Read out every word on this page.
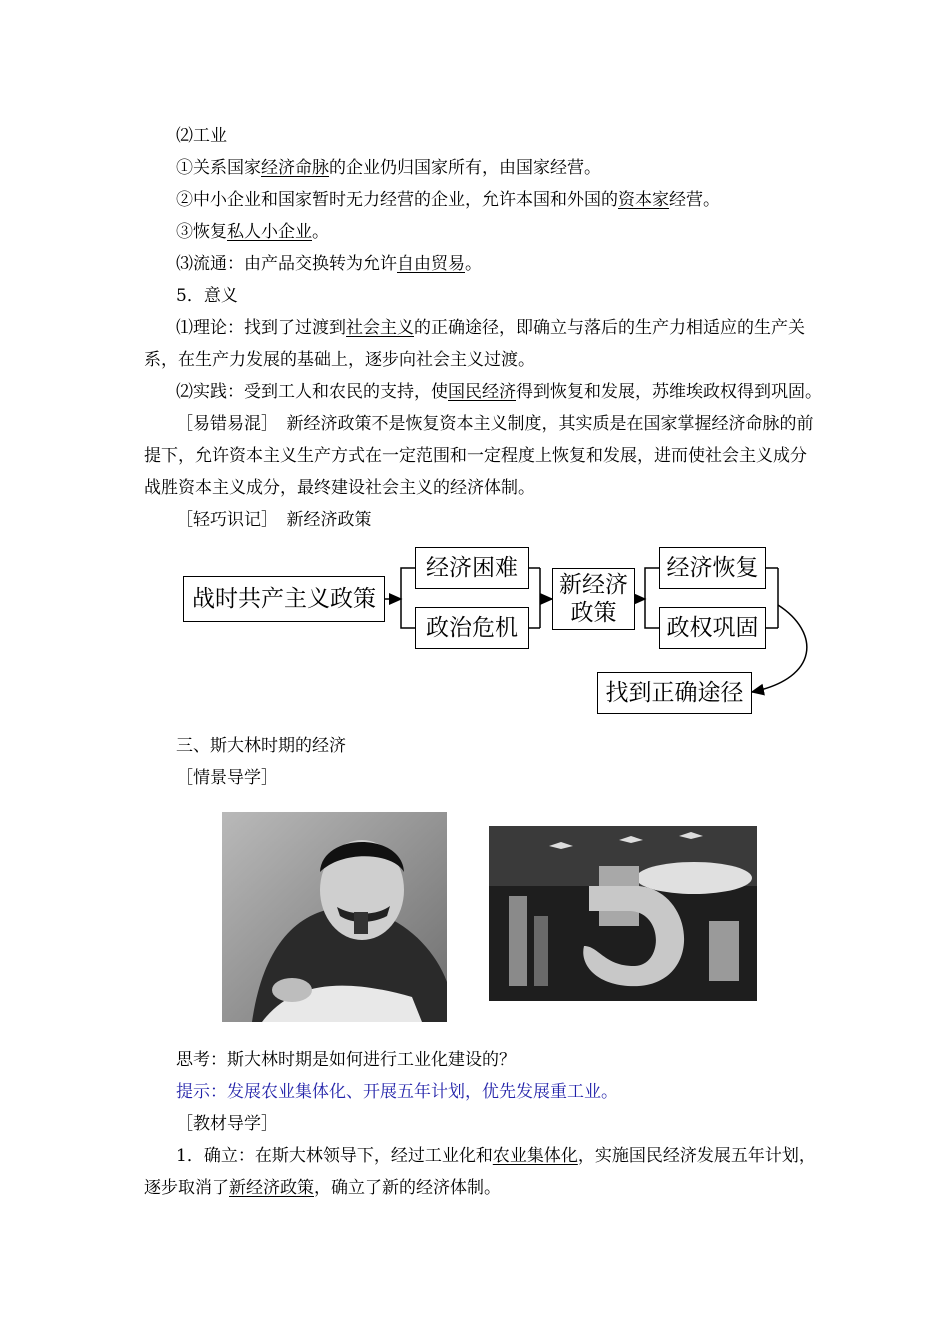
⑵工业
①关系国家经济命脉的企业仍归国家所有，由国家经营。
②中小企业和国家暂时无力经营的企业，允许本国和外国的资本家经营。
③恢复私人小企业。
⑶流通：由产品交换转为允许自由贸易。
5．意义
⑴理论：找到了过渡到社会主义的正确途径，即确立与落后的生产力相适应的生产关
系，在生产力发展的基础上，逐步向社会主义过渡。
⑵实践：受到工人和农民的支持，使国民经济得到恢复和发展，苏维埃政权得到巩固。
［易错易混］　新经济政策不是恢复资本主义制度，其实质是在国家掌握经济命脉的前
提下，允许资本主义生产方式在一定范围和一定程度上恢复和发展，进而使社会主义成分
战胜资本主义成分，最终建设社会主义的经济体制。
［轻巧识记］　新经济政策
战时共产主义政策
经济困难
政治危机
新经济
政策
经济恢复
政权巩固
找到正确途径
三、斯大林时期的经济
［情景导学］
思考：斯大林时期是如何进行工业化建设的？
提示：发展农业集体化、开展五年计划，优先发展重工业。
［教材导学］
1．确立：在斯大林领导下，经过工业化和农业集体化，实施国民经济发展五年计划，
逐步取消了新经济政策，确立了新的经济体制。
